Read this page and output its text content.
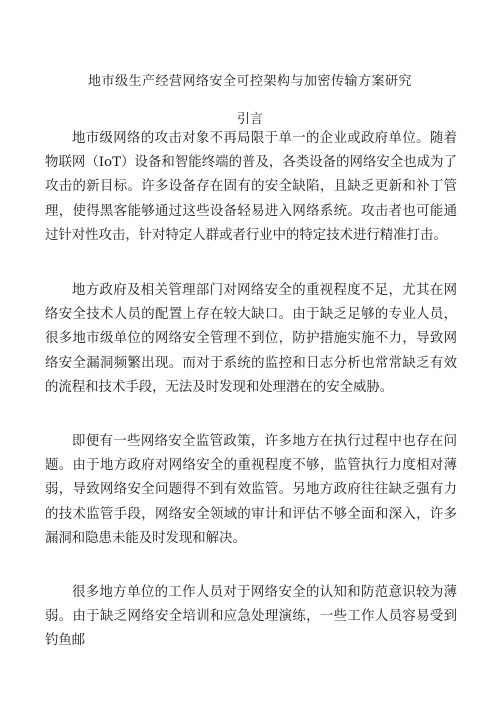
地市级生产经营网络安全可控架构与加密传输方案研究
引言

地市级网络的攻击对象不再局限于单一的企业或政府单位。随着物联网（IoT）设备和智能终端的普及，各类设备的网络安全也成为了攻击的新目标。许多设备存在固有的安全缺陷，且缺乏更新和补丁管理，使得黑客能够通过这些设备轻易进入网络系统。攻击者也可能通过针对性攻击，针对特定人群或者行业中的特定技术进行精准打击。

地方政府及相关管理部门对网络安全的重视程度不足，尤其在网络安全技术人员的配置上存在较大缺口。由于缺乏足够的专业人员，很多地市级单位的网络安全管理不到位，防护措施实施不力，导致网络安全漏洞频繁出现。而对于系统的监控和日志分析也常常缺乏有效的流程和技术手段，无法及时发现和处理潜在的安全威胁。

即便有一些网络安全监管政策，许多地方在执行过程中也存在问题。由于地方政府对网络安全的重视程度不够，监管执行力度相对薄弱，导致网络安全问题得不到有效监管。另地方政府往往缺乏强有力的技术监管手段，网络安全领域的审计和评估不够全面和深入，许多漏洞和隐患未能及时发现和解决。

很多地方单位的工作人员对于网络安全的认知和防范意识较为薄弱。由于缺乏网络安全培训和应急处理演练，一些工作人员容易受到钓鱼邮
